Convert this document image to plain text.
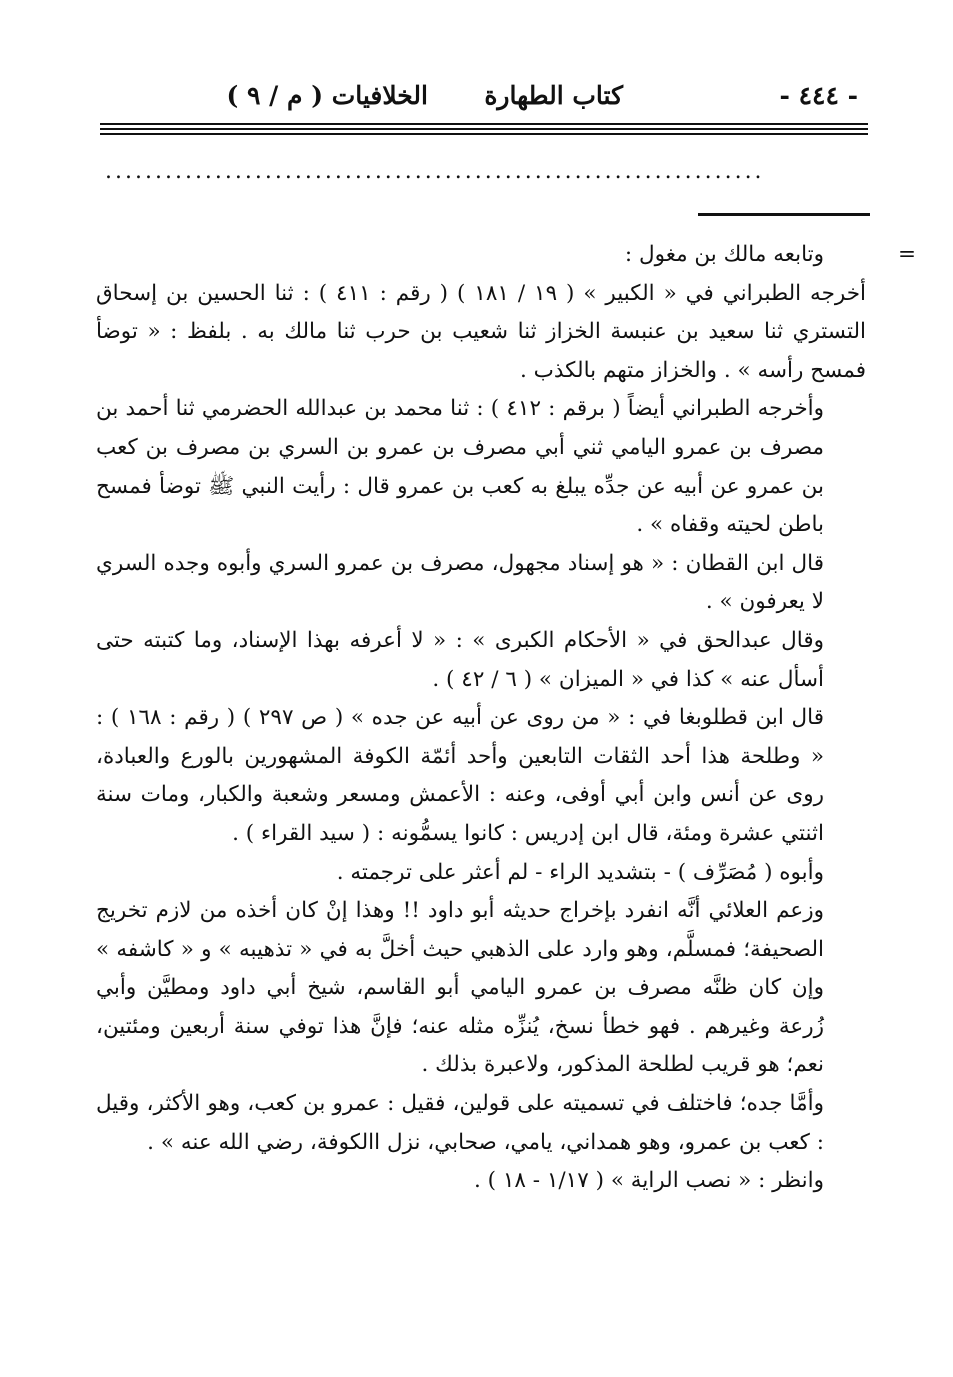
- ٤٤٤ -
كتاب الطهارة
الخلافيات ( م / ٩ )
..................................................................
=

وتابعه مالك بن مغول :

أخرجه الطبراني في « الكبير » ( ١٩ / ١٨١ ) ( رقم : ٤١١ ) : ثنا الحسين بن إسحاق التستري ثنا سعيد بن عنبسة الخزاز ثنا شعيب بن حرب ثنا مالك به . بلفظ : « توضأ فمسح رأسه » . والخزاز متهم بالكذب .

وأخرجه الطبراني أيضاً ( برقم : ٤١٢ ) : ثنا محمد بن عبدالله الحضرمي ثنا أحمد بن مصرف بن عمرو اليامي ثني أبي مصرف بن عمرو بن السري بن مصرف بن كعب بن عمرو عن أبيه عن جدِّه يبلغ به كعب بن عمرو قال : رأيت النبي ﷺ توضأ فمسح باطن لحيته وقفاه » .

قال ابن القطان : « هو إسناد مجهول، مصرف بن عمرو السري وأبوه وجده السري لا يعرفون » .

وقال عبدالحق في « الأحكام الكبرى » : « لا أعرفه بهذا الإسناد، وما كتبته حتى أسأل عنه » كذا في « الميزان » ( ٦ / ٤٢ ) .

قال ابن قطلوبغا في : « من روى عن أبيه عن جده » ( ص ٢٩٧ ) ( رقم : ١٦٨ ) : « وطلحة هذا أحد الثقات التابعين وأحد أئمّة الكوفة المشهورين بالورع والعبادة، روى عن أنس وابن أبي أوفى، وعنه : الأعمش ومسعر وشعبة والكبار، ومات سنة اثنتي عشرة ومئة، قال ابن إدريس : كانوا يسمُّونه : ( سيد القراء ) .

وأبوه ( مُصَرِّف ) - بتشديد الراء - لم أعثر على ترجمته .

وزعم العلائي أنَّه انفرد بإخراج حديثه أبو داود !! وهذا إنْ كان أخذه من لازم تخريج الصحيفة؛ فمسلَّم، وهو وارد على الذهبي حيث أخلَّ به في « تذهيبه » و « كاشفه » وإن كان ظنَّه مصرف بن عمرو اليامي أبو القاسم، شيخ أبي داود ومطيَّن وأبي زُرعة وغيرهم . فهو خطأ نسخ، يُنزِّه مثله عنه؛ فإنَّ هذا توفي سنة أربعين ومئتين، نعم؛ هو قريب لطلحة المذكور، ولاعبرة بذلك .

وأمَّا جده؛ فاختلف في تسميته على قولين، فقيل : عمرو بن كعب، وهو الأكثر، وقيل : كعب بن عمرو، وهو همداني، يامي، صحابي، نزل االكوفة، رضي الله عنه » .

وانظر : « نصب الراية » ( ١/١٧ - ١٨ ) .
